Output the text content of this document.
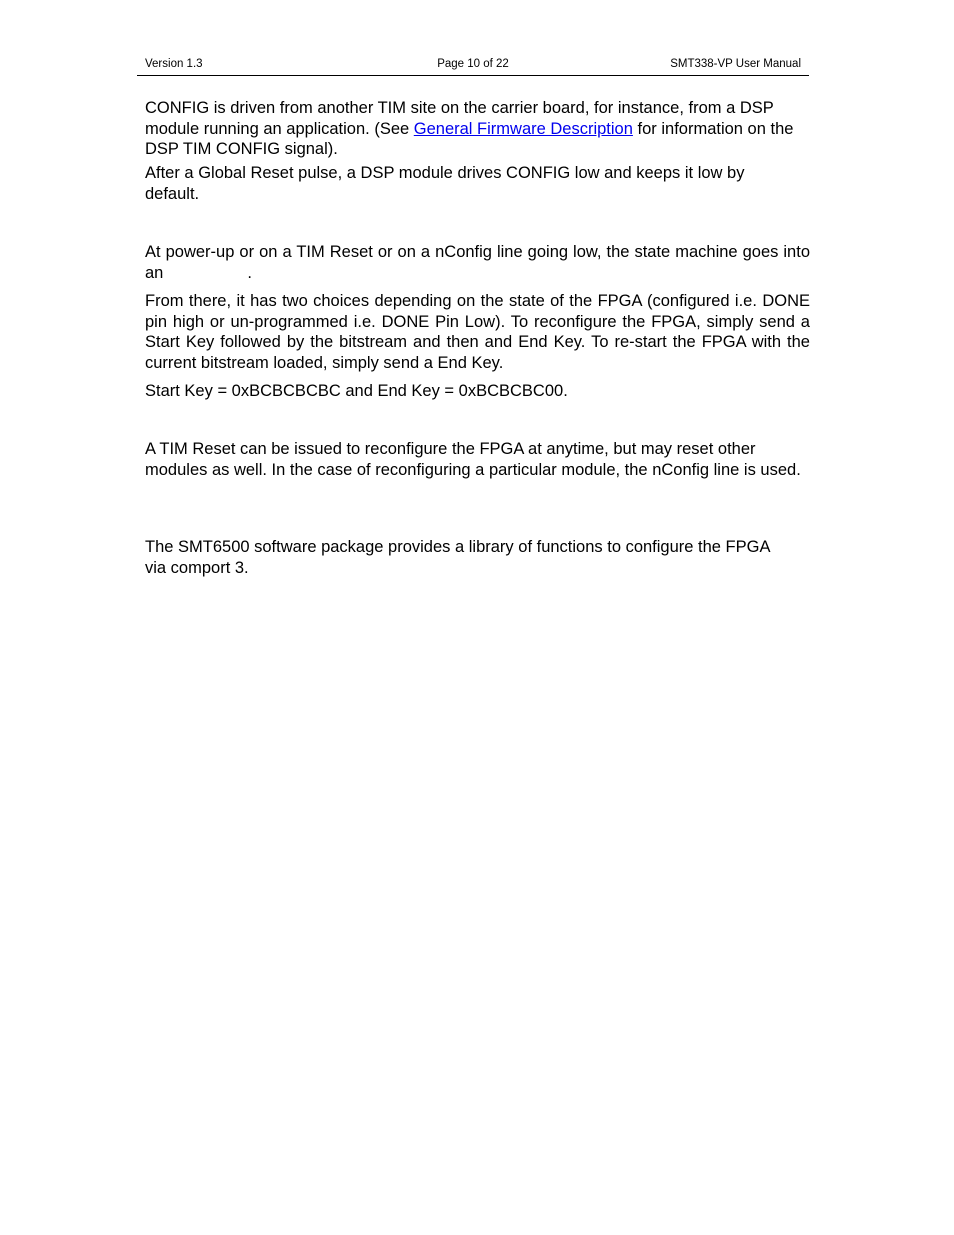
Version 1.3	Page 10 of 22	SMT338-VP User Manual

CONFIG is driven from another TIM site on the carrier board, for instance, from a DSP module running an application. (See General Firmware Description for information on the DSP TIM CONFIG signal).

After a Global Reset pulse, a DSP module drives CONFIG low and keeps it low by default.

At power-up or on a TIM Reset or on a nConfig line going low, the state machine goes into an	.

From there, it has two choices depending on the state of the FPGA (configured i.e. DONE pin high or un-programmed i.e. DONE Pin Low). To reconfigure the FPGA, simply send a Start Key followed by the bitstream and then and End Key. To re-start the FPGA with the current bitstream loaded, simply send a End Key.

Start Key = 0xBCBCBCBC and End Key = 0xBCBCBC00.

A TIM Reset can be issued to reconfigure the FPGA at anytime, but may reset other modules as well. In the case of reconfiguring a particular module, the nConfig line is used.

The SMT6500 software package provides a library of functions to configure the FPGA via comport 3.
